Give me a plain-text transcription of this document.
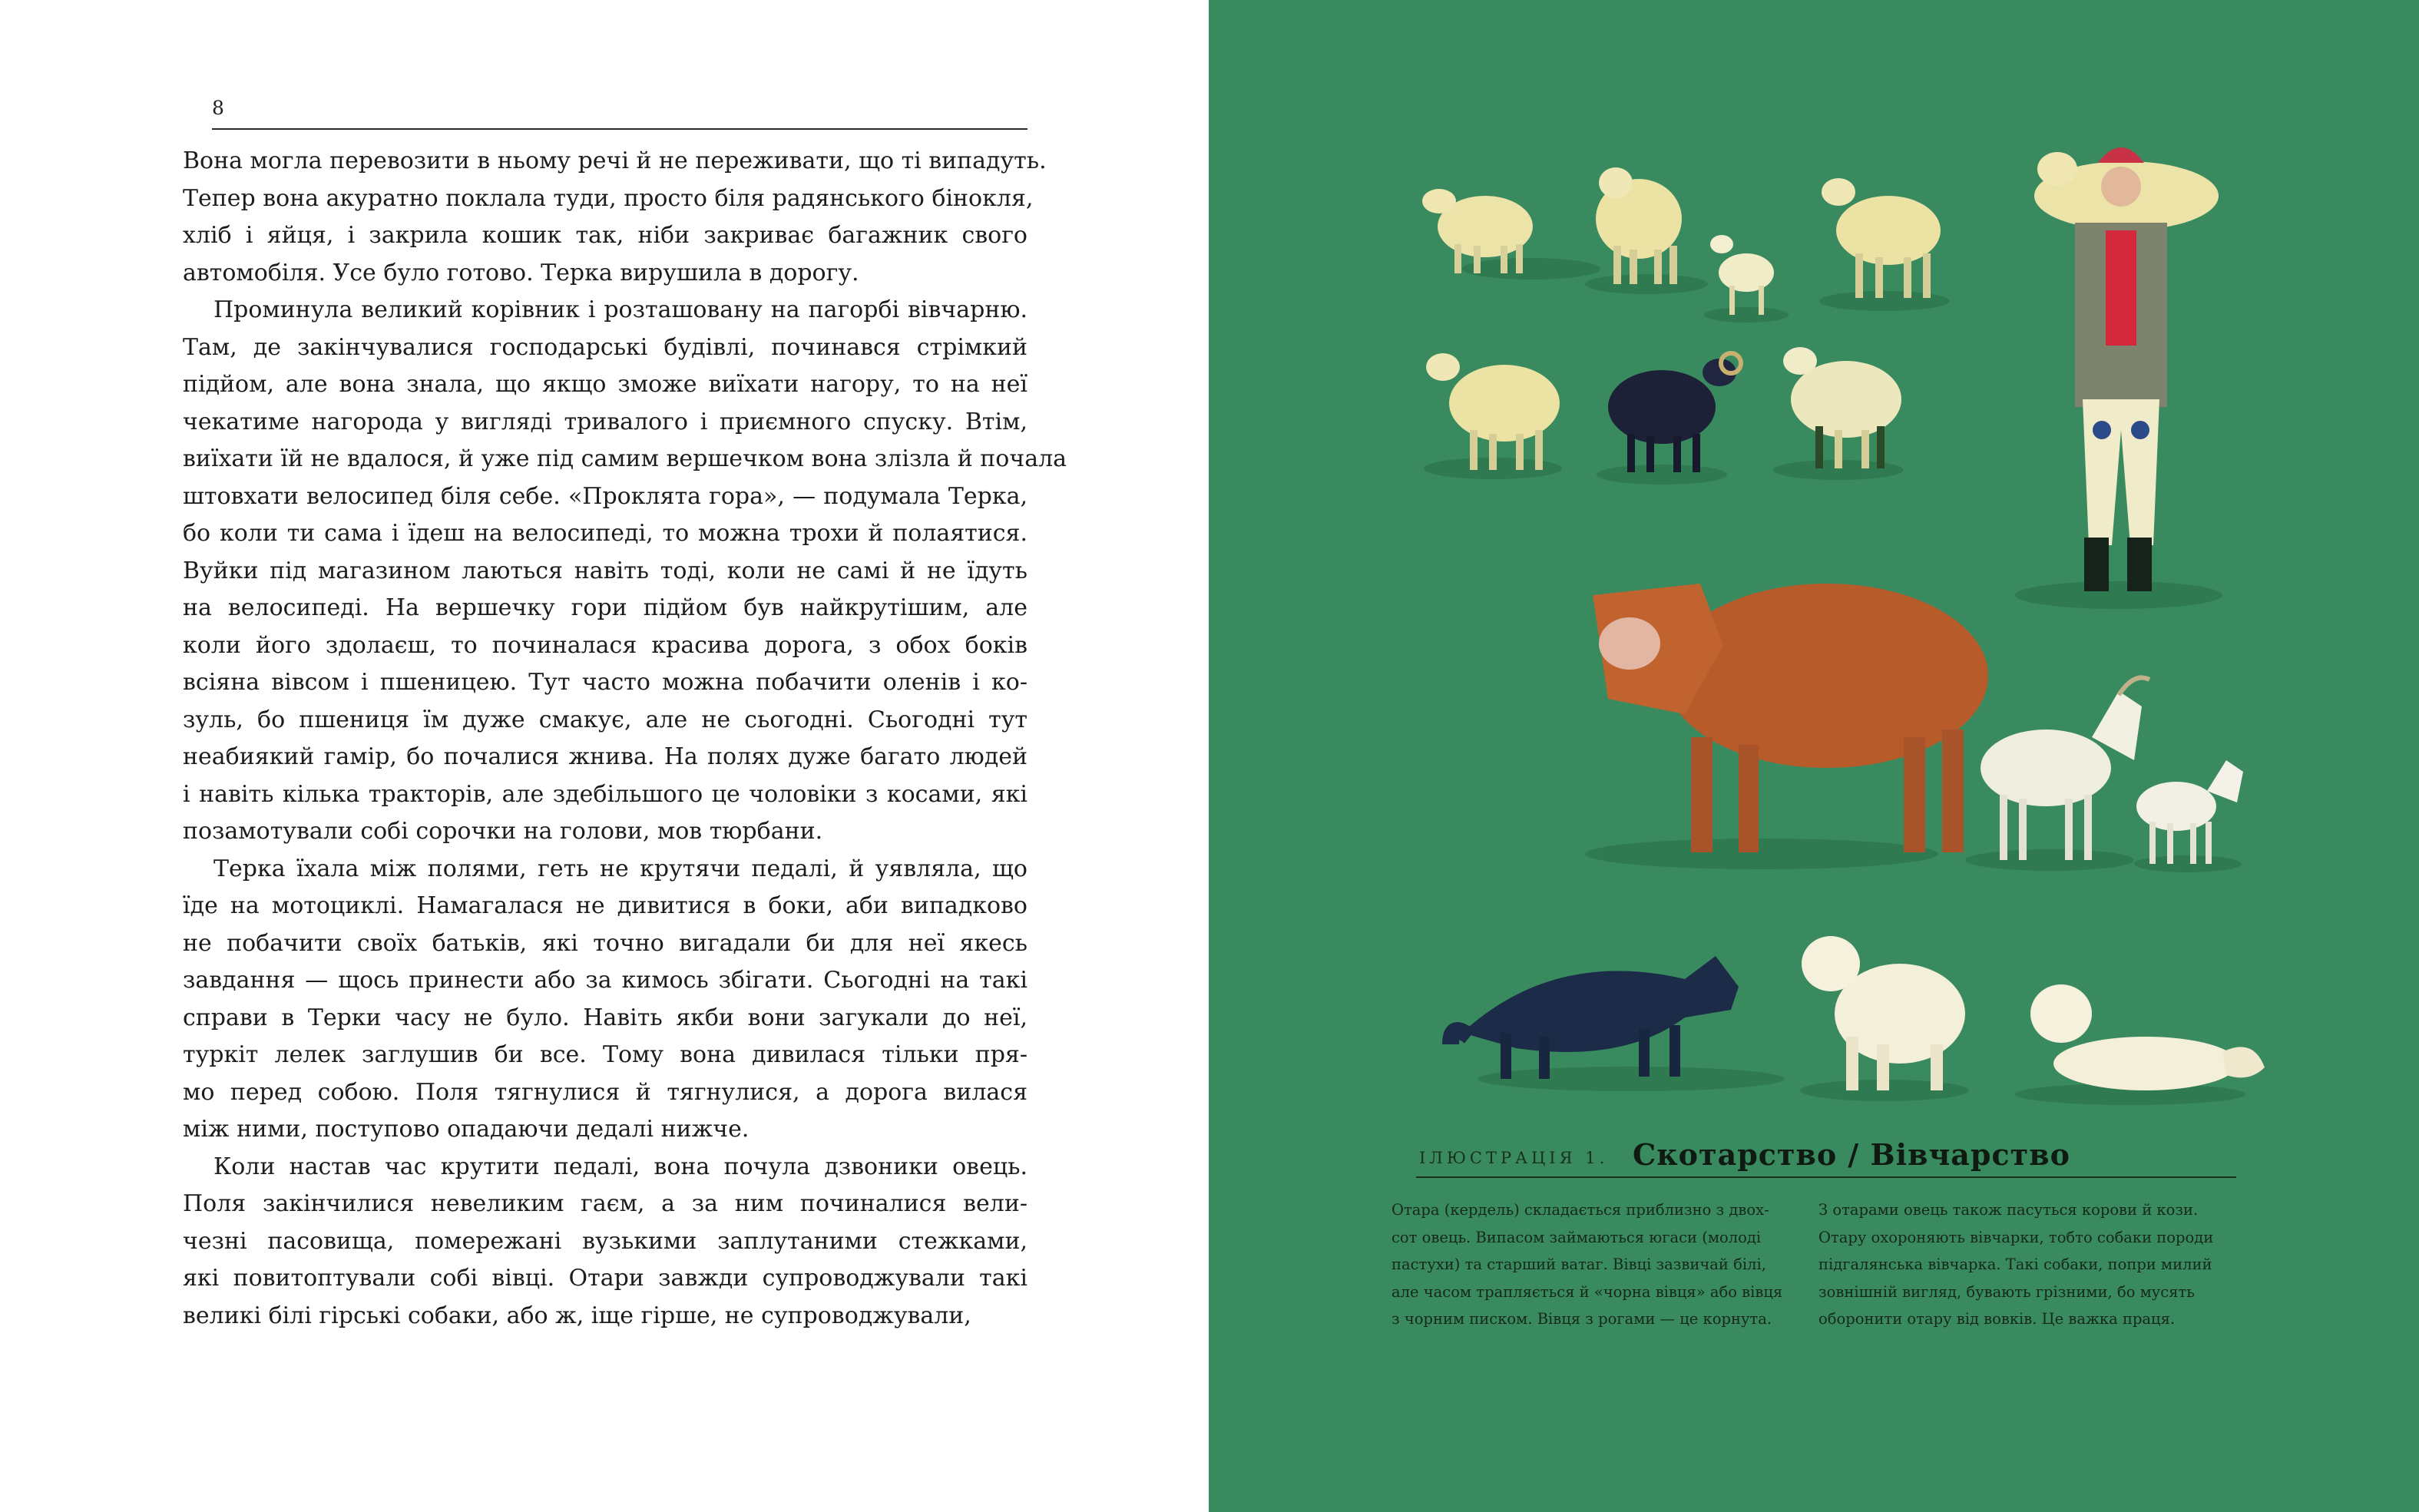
8
Вона могла перевозити в ньому речі й не переживати, що ті випадуть.
Тепер вона акуратно поклала туди, просто біля радянського бінокля,
хліб і яйця, і закрила кошик так, ніби закриває багажник свого
автомобіля. Усе було готово. Терка вирушила в дорогу.
Проминула великий корівник і розташовану на пагорбі вівчарню.
Там, де закінчувалися господарські будівлі, починався стрімкий
підйом, але вона знала, що якщо зможе виїхати нагору, то на неї
чекатиме нагорода у вигляді тривалого і приємного спуску. Втім,
виїхати їй не вдалося, й уже під самим вершечком вона злізла й почала
штовхати велосипед біля себе. «Проклята гора», — подумала Терка,
бо коли ти сама і їдеш на велосипеді, то можна трохи й полаятися.
Вуйки під магазином лаються навіть тоді, коли не самі й не їдуть
на велосипеді. На вершечку гори підйом був найкрутішим, але
коли його здолаєш, то починалася красива дорога, з обох боків
всіяна вівсом і пшеницею. Тут часто можна побачити оленів і ко-
зуль, бо пшениця їм дуже смакує, але не сьогодні. Сьогодні тут
неабиякий гамір, бо почалися жнива. На полях дуже багато людей
і навіть кілька тракторів, але здебільшого це чоловіки з косами, які
позамотували собі сорочки на голови, мов тюрбани.
Терка їхала між полями, геть не крутячи педалі, й уявляла, що
їде на мотоциклі. Намагалася не дивитися в боки, аби випадково
не побачити своїх батьків, які точно вигадали би для неї якесь
завдання — щось принести або за кимось збігати. Сьогодні на такі
справи в Терки часу не було. Навіть якби вони загукали до неї,
туркіт лелек заглушив би все. Тому вона дивилася тільки пря-
мо перед собою. Поля тягнулися й тягнулися, а дорога вилася
між ними, поступово опадаючи дедалі нижче.
Коли настав час крутити педалі, вона почула дзвоники овець.
Поля закінчилися невеликим гаєм, а за ним починалися вели-
чезні пасовища, помережані вузькими заплутаними стежками,
які повитоптували собі вівці. Отари завжди супроводжували такі
великі білі гірські собаки, або ж, іще гірше, не супроводжували,
ІЛЮСТРАЦІЯ 1. Скотарство / Вівчарство
Отара (кердель) складається приблизно з двох-
сот овець. Випасом займаються югаси (молоді
пастухи) та старший ватаг. Вівці зазвичай білі,
але часом трапляється й «чорна вівця» або вівця
з чорним писком. Вівця з рогами — це корнута.
З отарами овець також пасуться корови й кози.
Отару охороняють вівчарки, тобто собаки породи
підгалянська вівчарка. Такі собаки, попри милий
зовнішній вигляд, бувають грізними, бо мусять
оборонити отару від вовків. Це важка праця.
